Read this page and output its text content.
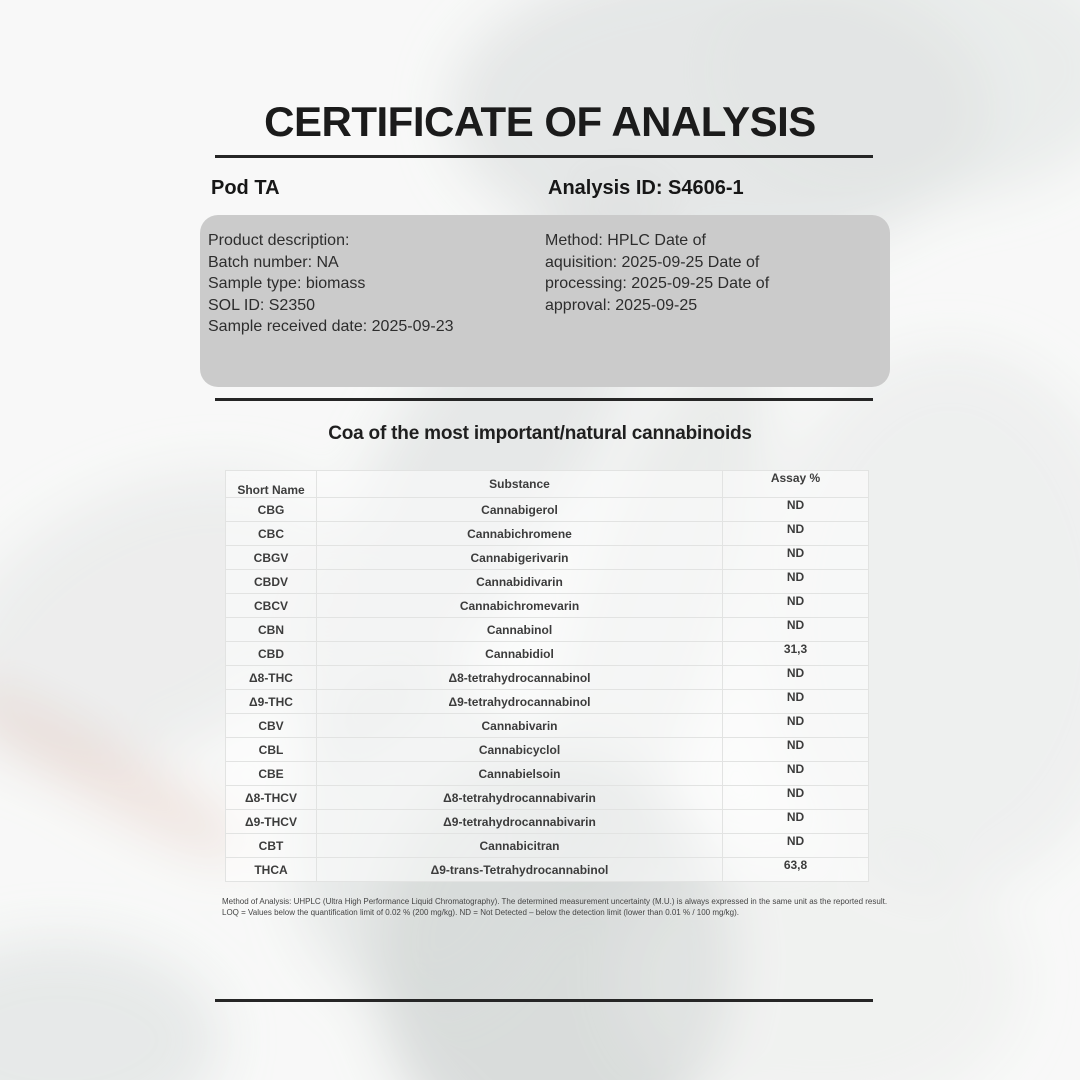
CERTIFICATE OF ANALYSIS
Pod TA	Analysis ID: S4606-1
Product description:
Batch number: NA
Sample type: biomass
SOL ID: S2350
Sample received date: 2025-09-23
Method: HPLC Date of
aquisition: 2025-09-25 Date of
processing: 2025-09-25 Date of
approval: 2025-09-25
Coa of the most important/natural cannabinoids
Short Name	Substance	Assay %
CBG	Cannabigerol	ND
CBC	Cannabichromene	ND
CBGV	Cannabigerivarin	ND
CBDV	Cannabidivarin	ND
CBCV	Cannabichromevarin	ND
CBN	Cannabinol	ND
CBD	Cannabidiol	31,3
Δ8-THC	Δ8-tetrahydrocannabinol	ND
Δ9-THC	Δ9-tetrahydrocannabinol	ND
CBV	Cannabivarin	ND
CBL	Cannabicyclol	ND
CBE	Cannabielsoin	ND
Δ8-THCV	Δ8-tetrahydrocannabivarin	ND
Δ9-THCV	Δ9-tetrahydrocannabivarin	ND
CBT	Cannabicitran	ND
THCA	Δ9-trans-Tetrahydrocannabinol	63,8
Method of Analysis: UHPLC (Ultra High Performance Liquid Chromatography). The determined measurement uncertainty (M.U.) is always expressed in the same unit as the reported result.
LOQ = Values below the quantification limit of 0.02 % (200 mg/kg). ND = Not Detected – below the detection limit (lower than 0.01 % / 100 mg/kg).
